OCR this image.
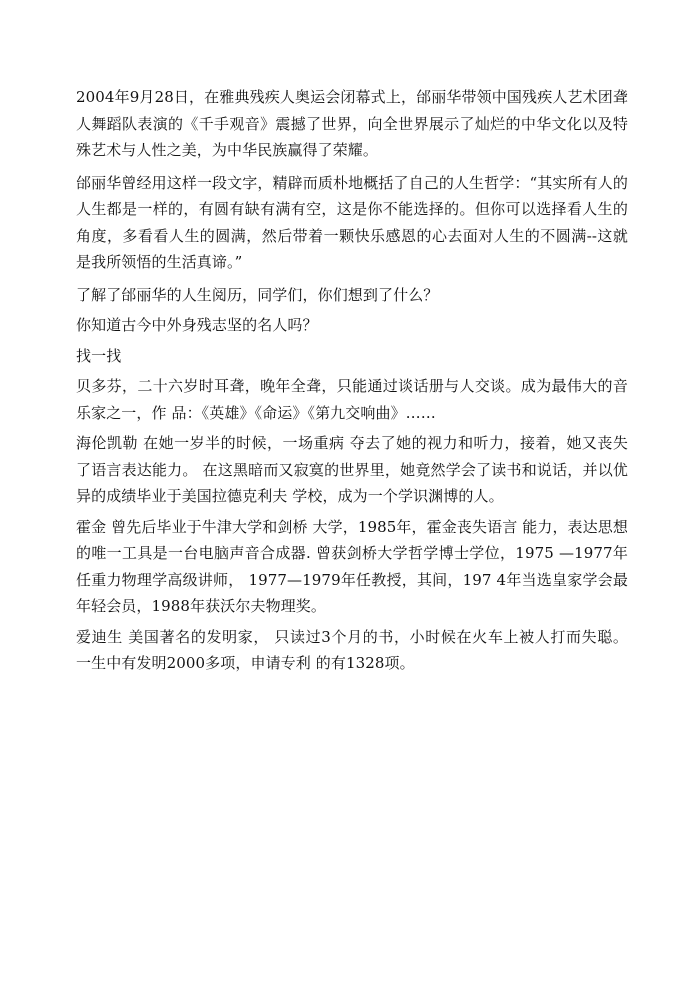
2004年9月28日，在雅典残疾人奥运会闭幕式上，邰丽华带领中国残疾人艺术团聋人舞蹈队表演的《千手观音》震撼了世界，向全世界展示了灿烂的中华文化以及特殊艺术与人性之美，为中华民族赢得了荣耀。

邰丽华曾经用这样一段文字，精辟而质朴地概括了自己的人生哲学：“其实所有人的人生都是一样的，有圆有缺有满有空，这是你不能选择的。但你可以选择看人生的角度，多看看人生的圆满，然后带着一颗快乐感恩的心去面对人生的不圆满--这就是我所领悟的生活真谛。”

了解了邰丽华的人生阅历，同学们，你们想到了什么？

你知道古今中外身残志坚的名人吗？

找一找

贝多芬，二十六岁时耳聋，晚年全聋，只能通过谈话册与人交谈。成为最伟大的音乐家之一，作 品：《英雄》《命运》《第九交响曲》……

海伦凯勒 在她一岁半的时候，一场重病 夺去了她的视力和听力，接着，她又丧失了语言表达能力。 在这黑暗而又寂寞的世界里，她竟然学会了读书和说话，并以优 异的成绩毕业于美国拉德克利夫 学校，成为一个学识渊博的人。

霍金 曾先后毕业于牛津大学和剑桥 大学，1985年，霍金丧失语言 能力，表达思想的唯一工具是一台电脑声音合成器. 曾获剑桥大学哲学博士学位，1975 —1977年任重力物理学高级讲师， 1977—1979年任教授，其间，197 4年当选皇家学会最年轻会员，1988年获沃尔夫物理奖。

爱迪生 美国著名的发明家， 只读过3个月的书，小时候在火车上被人打而失聪。 一生中有发明2000多项，申请专利 的有1328项。
